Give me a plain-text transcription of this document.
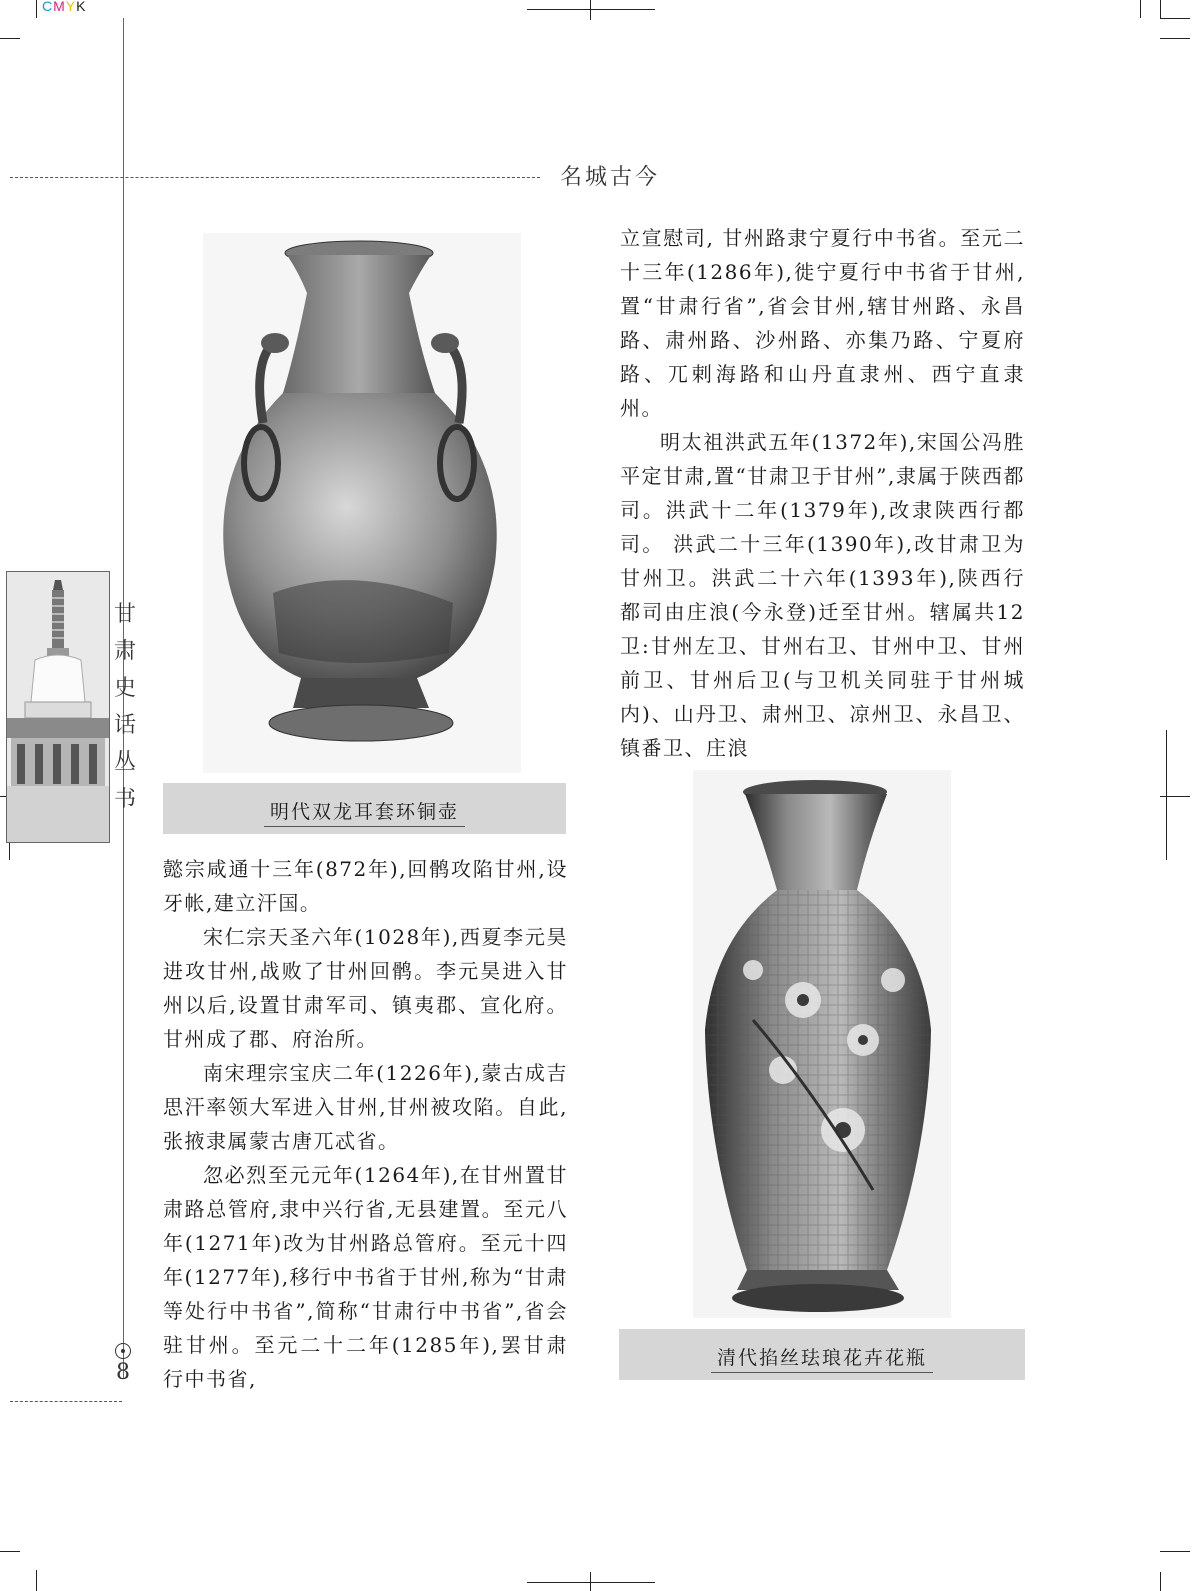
CMYK
名城古今
甘肃史话丛书
8
明代双龙耳套环铜壶

懿宗咸通十三年(872年),回鹘攻陷甘州,设牙帐,建立汗国。

宋仁宗天圣六年(1028年),西夏李元昊进攻甘州,战败了甘州回鹘。李元昊进入甘州以后,设置甘肃军司、镇夷郡、宣化府。甘州成了郡、府治所。

南宋理宗宝庆二年(1226年),蒙古成吉思汗率领大军进入甘州,甘州被攻陷。自此,张掖隶属蒙古唐兀忒省。

忽必烈至元元年(1264年),在甘州置甘肃路总管府,隶中兴行省,无县建置。至元八年(1271年)改为甘州路总管府。至元十四年(1277年),移行中书省于甘州,称为“甘肃等处行中书省”,简称“甘肃行中书省”,省会驻甘州。至元二十二年(1285年),罢甘肃行中书省,

立宣慰司, 甘州路隶宁夏行中书省。至元二十三年(1286年),徙宁夏行中书省于甘州,置“甘肃行省”,省会甘州,辖甘州路、永昌路、肃州路、沙州路、亦集乃路、宁夏府路、兀剌海路和山丹直隶州、西宁直隶州。

明太祖洪武五年(1372年),宋国公冯胜平定甘肃,置“甘肃卫于甘州”,隶属于陕西都司。洪武十二年(1379年),改隶陕西行都司。 洪武二十三年(1390年),改甘肃卫为甘州卫。洪武二十六年(1393年),陕西行都司由庄浪(今永登)迁至甘州。辖属共12卫:甘州左卫、甘州右卫、甘州中卫、甘州前卫、甘州后卫(与卫机关同驻于甘州城内)、山丹卫、肃州卫、凉州卫、永昌卫、镇番卫、庄浪

清代掐丝珐琅花卉花瓶
